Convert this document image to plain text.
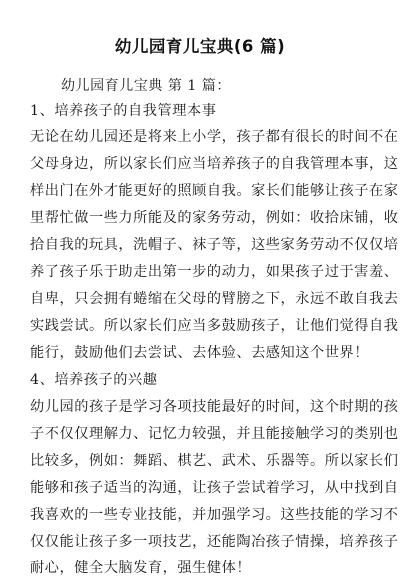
幼儿园育儿宝典(6 篇)
幼儿园育儿宝典 第 1 篇：
1、培养孩子的自我管理本事
无论在幼儿园还是将来上小学，孩子都有很长的时间不在
父母身边，所以家长们应当培养孩子的自我管理本事，这
样出门在外才能更好的照顾自我。家长们能够让孩子在家
里帮忙做一些力所能及的家务劳动，例如：收拾床铺，收
拾自我的玩具，洗帽子、袜子等，这些家务劳动不仅仅培
养了孩子乐于助走出第一步的动力，如果孩子过于害羞、
自卑，只会拥有蜷缩在父母的臂膀之下，永远不敢自我去
实践尝试。所以家长们应当多鼓励孩子，让他们觉得自我
能行，鼓励他们去尝试、去体验、去感知这个世界！
4、培养孩子的兴趣
幼儿园的孩子是学习各项技能最好的时间，这个时期的孩
子不仅仅理解力、记忆力较强，并且能接触学习的类别也
比较多，例如：舞蹈、棋艺、武术、乐器等。所以家长们
能够和孩子适当的沟通，让孩子尝试着学习，从中找到自
我喜欢的一些专业技能，并加强学习。这些技能的学习不
仅仅能让孩子多一项技艺，还能陶冶孩子情操，培养孩子
耐心，健全大脑发育，强生健体！
